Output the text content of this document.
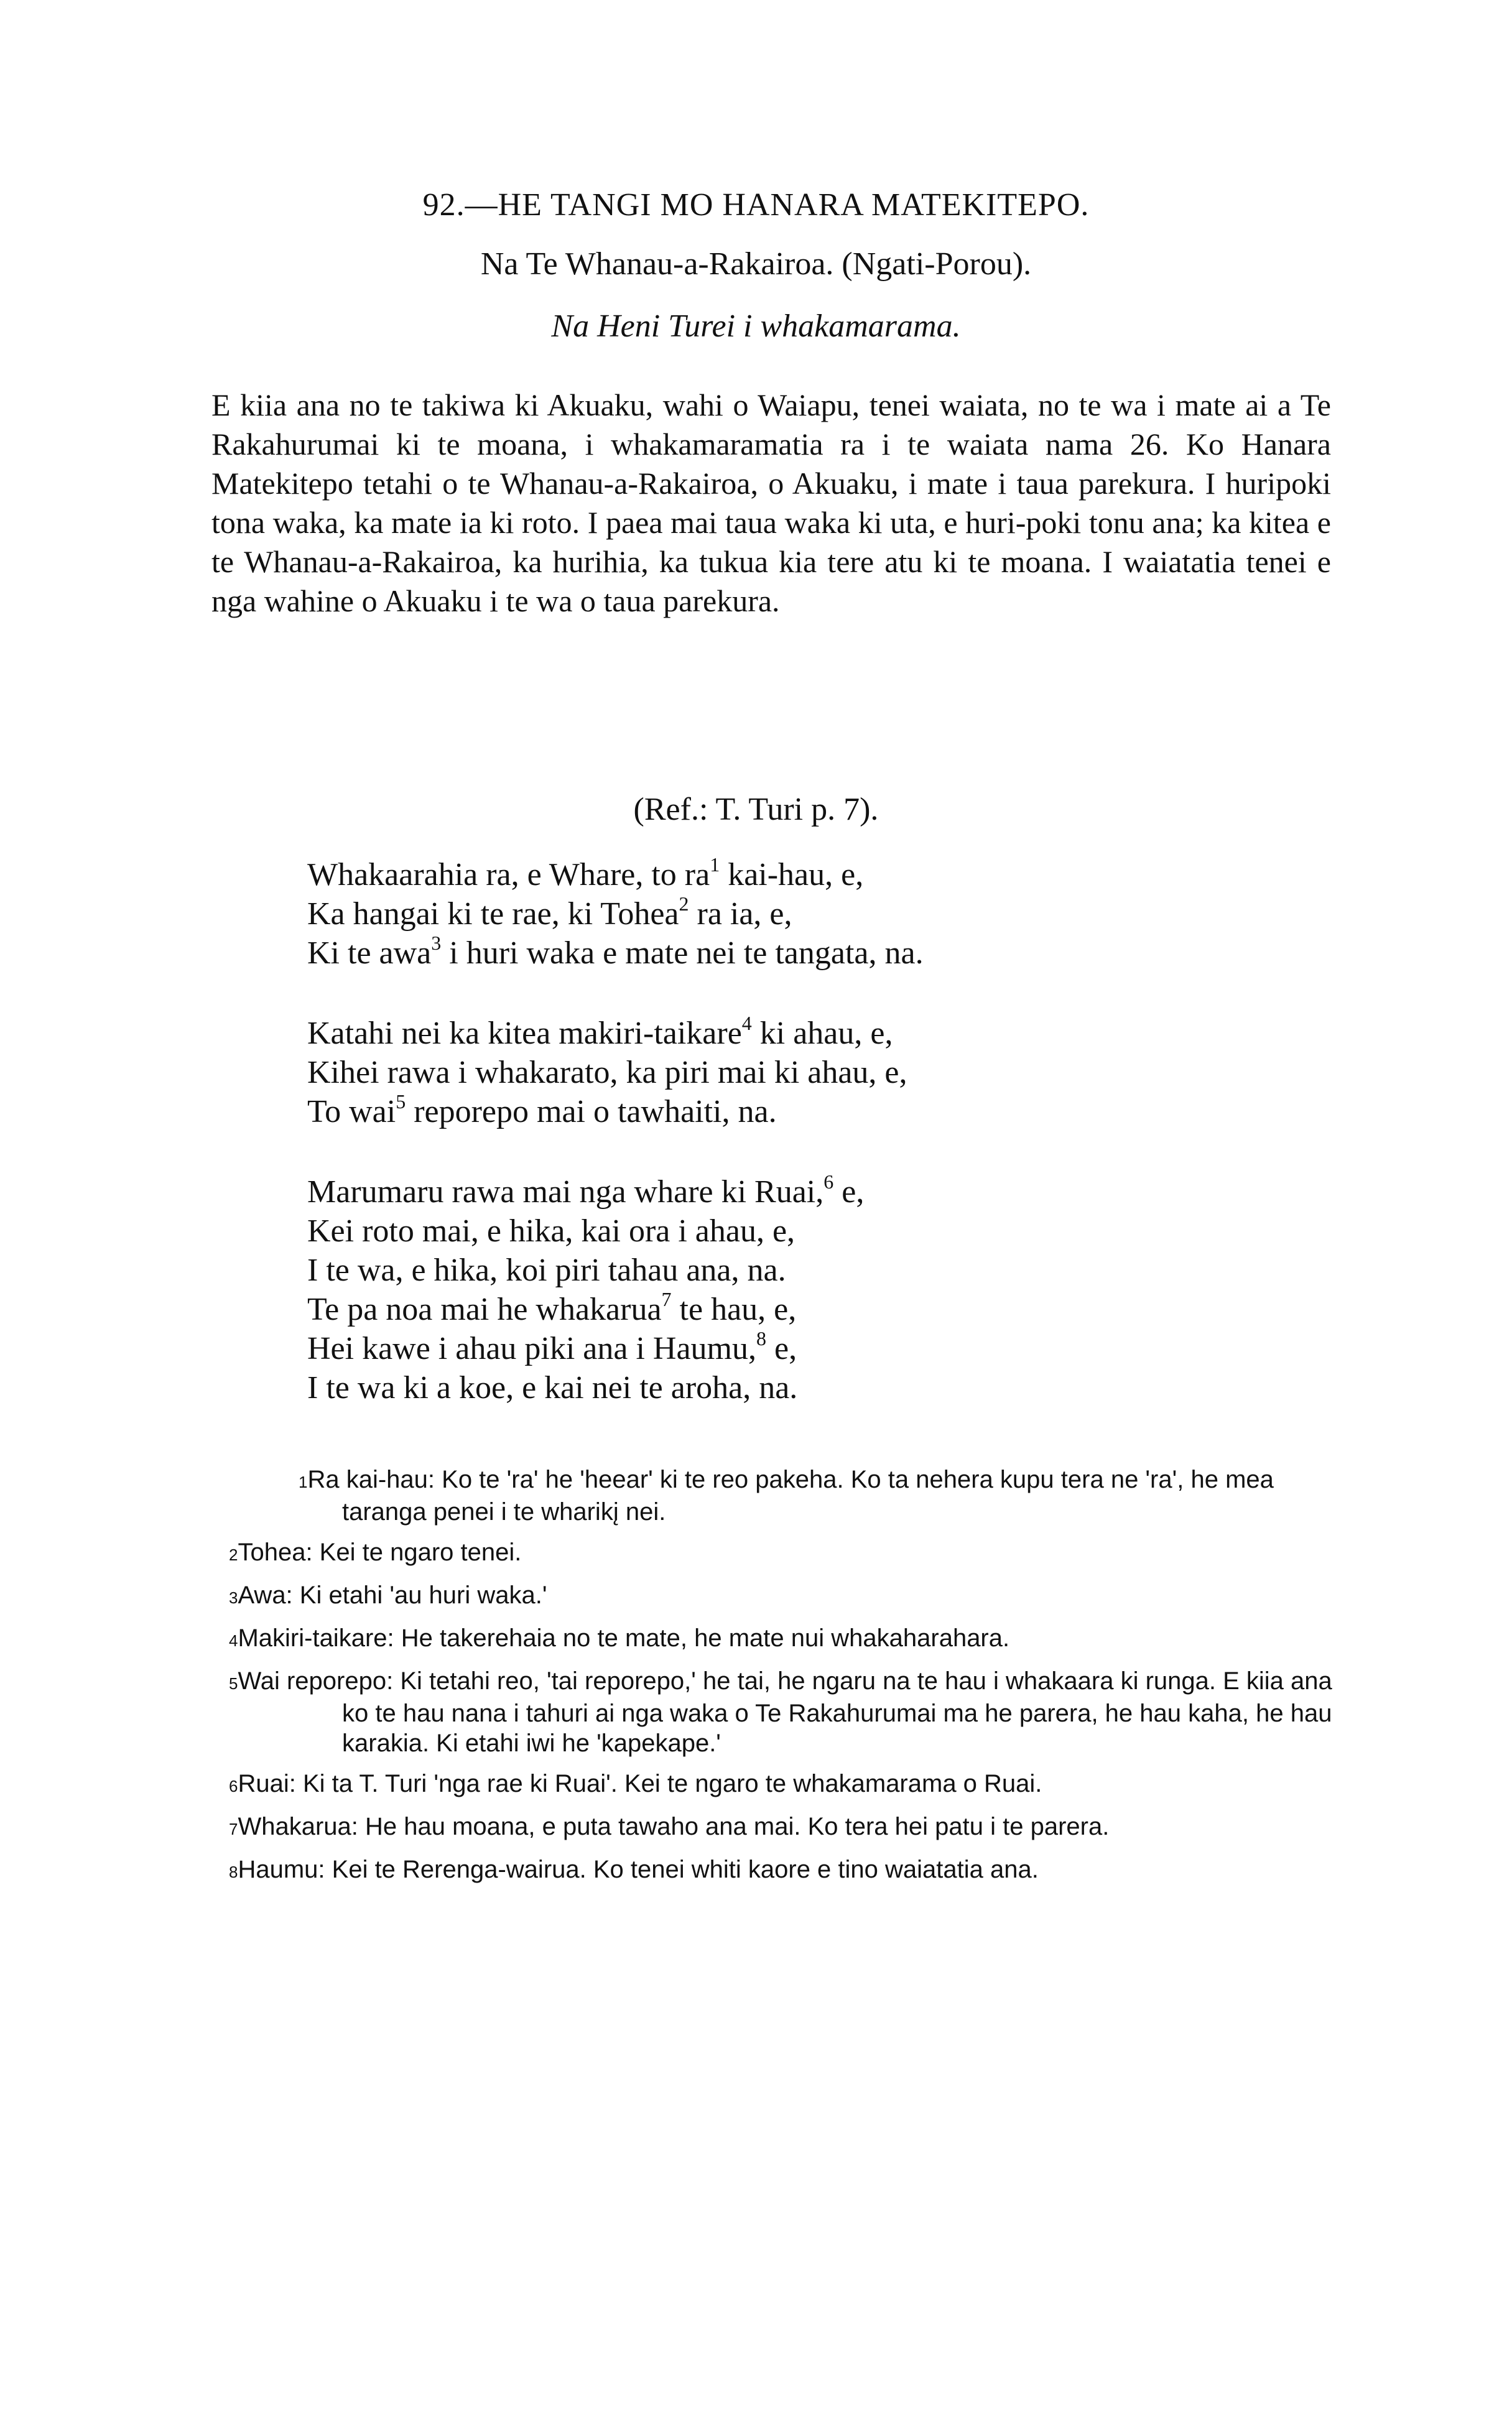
92.—HE TANGI MO HANARA MATEKITEPO.

Na Te Whanau-a-Rakairoa. (Ngati-Porou).

Na Heni Turei i whakamarama.

E kiia ana no te takiwa ki Akuaku, wahi o Waiapu, tenei waiata, no te wa i mate ai a Te Rakahurumai ki te moana, i whakamaramatia ra i te waiata nama 26. Ko Hanara Matekitepo tetahi o te Whanau-a-Rakairoa, o Akuaku, i mate i taua parekura. I huripoki tona waka, ka mate ia ki roto. I paea mai taua waka ki uta, e huri-poki tonu ana; ka kitea e te Whanau-a-Rakairoa, ka hurihia, ka tukua kia tere atu ki te moana. I waiatatia tenei e nga wahine o Akuaku i te wa o taua parekura.

(Ref.: T. Turi p. 7).

Whakaarahia ra, e Whare, to $ra^1$ kai-hau, e,
Ka hangai ki te rae, ki Tohea$^2$ ra ia, e,
Ki te awa$^3$ i huri waka e mate nei te tangata, na.
Katahi nei ka kitea makiri-taikare$^4$ ki ahau, e,
Kihei rawa i whakarato, ka piri mai ki ahau, e,
To wai$^5$ reporepo mai o tawhaiti, na.
Marumaru rawa mai nga whare ki Ruai,$^6$ e,
Kei roto mai, e hika, kai ora i ahau, e,
I te wa, e hika, koi piri tahau ana, na.
Te pa noa mai he whakarua$^7$ te hau, e,
Hei kawe i ahau piki ana i Haumu,$^8$ e,
I te wa ki a koe, e kai nei te aroha, na.
1Ra kai-hau: Ko te 'ra' he 'heear' ki te reo pakeha. Ko ta nehera kupu tera ne 'ra', he mea taranga penei i te wharikį nei.
2Tohea: Kei te ngaro tenei.
3Awa: Ki etahi 'au huri waka.'
4Makiri-taikare: He takerehaia no te mate, he mate nui whakaharahara.
5Wai reporepo: Ki tetahi reo, 'tai reporepo,' he tai, he ngaru na te hau i whakaara ki runga. E kiia ana ko te hau nana i tahuri ai nga waka o Te Rakahurumai ma he parera, he hau kaha, he hau karakia. Ki etahi iwi he 'kapekape.'
6Ruai: Ki ta T. Turi 'nga rae ki Ruai'. Kei te ngaro te whakamarama o Ruai.
7Whakarua: He hau moana, e puta tawaho ana mai. Ko tera hei patu i te parera.
8Haumu: Kei te Rerenga-wairua. Ko tenei whiti kaore e tino waiatatia ana.
